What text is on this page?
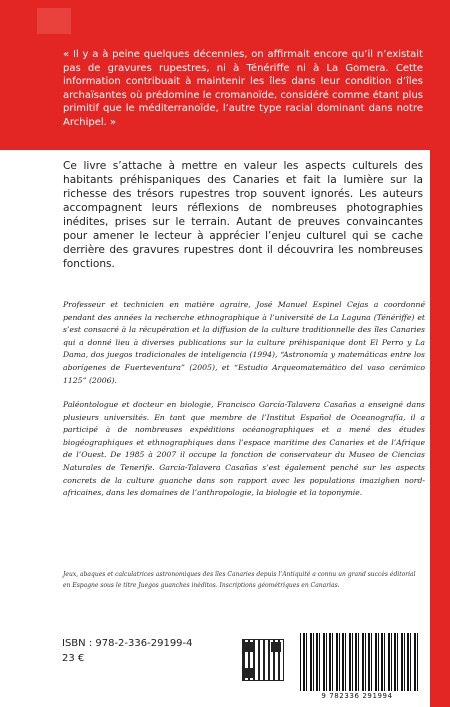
« Il y a à peine quelques décennies, on affirmait encore qu’il n’existait pas de gravures rupestres, ni à Ténériffe ni à La Gomera. Cette information contribuait à maintenir les îles dans leur condition d’îles archaïsantes où prédomine le cromanoïde, considéré comme étant plus primitif que le méditerranoïde, l’autre type racial dominant dans notre Archipel. »

Ce livre s’attache à mettre en valeur les aspects culturels des habitants préhispaniques des Canaries et fait la lumière sur la richesse des trésors rupestres trop souvent ignorés. Les auteurs accompagnent leurs réflexions de nombreuses photographies inédites, prises sur le terrain. Autant de preuves convaincantes pour amener le lecteur à apprécier l’enjeu culturel qui se cache derrière des gravures rupestres dont il découvrira les nombreuses fonctions.

Professeur et technicien en matière agraire, José Manuel Espinel Cejas a coordonné pendant des années la recherche ethnographique à l’université de La Laguna (Ténériffe) et s’est consacré à la récupération et la diffusion de la culture traditionnelle des îles Canaries qui a donné lieu à diverses publications sur la culture préhispanique dont El Perro y La Dama, dos juegos tradicionales de inteligencia (1994), “Astronomía y matemáticas entre los aborígenes de Fuerteventura” (2005), et “Estudio Arqueomatemático del vaso cerámico 1125” (2006).

Paléontologue et docteur en biologie, Francisco García-Talavera Casañas a enseigné dans plusieurs universités. En tant que membre de l’Institut Español de Oceanografía, il a participé à de nombreuses expéditions océanographiques et a mené des études biogéographiques et ethnographiques dans l’espace maritime des Canaries et de l’Afrique de l’Ouest. De 1985 à 2007 il occupe la fonction de conservateur du Museo de Ciencias Naturales de Tenerife. García-Talavera Casañas s’est également penché sur les aspects concrets de la culture guanche dans son rapport avec les populations imazighen nord-africaines, dans les domaines de l’anthropologie, la biologie et la toponymie.

Jeux, abaques et calculatrices astronomiques des îles Canaries depuis l’Antiquité a connu un grand succès éditorial en Espagne sous le titre Juegos guanches inéditos. Inscriptions géométriques en Canarias.

ISBN : 978-2-336-29199-4

23 €

9 782336 291994
